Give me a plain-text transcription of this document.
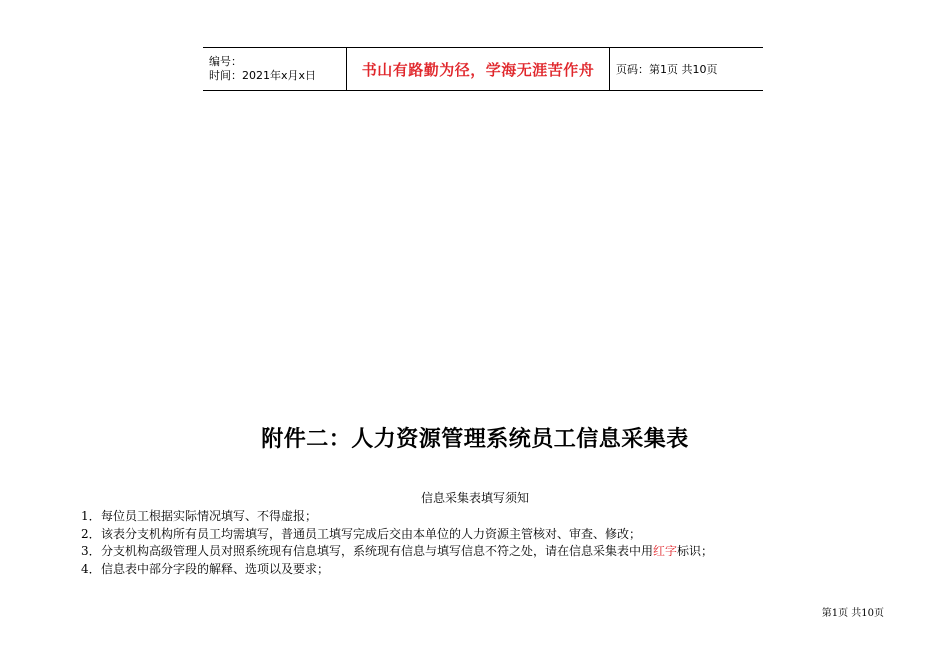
编号：
时间：2021年x月x日	书山有路勤为径，学海无涯苦作舟 页码：第1页 共10页
附件二：人力资源管理系统员工信息采集表
信息采集表填写须知
1．每位员工根据实际情况填写、不得虚报；
2．该表分支机构所有员工均需填写，普通员工填写完成后交由本单位的人力资源主管核对、审查、修改；
3．分支机构高级管理人员对照系统现有信息填写，系统现有信息与填写信息不符之处，请在信息采集表中用红字标识；
4．信息表中部分字段的解释、选项以及要求；
第1页 共10页
